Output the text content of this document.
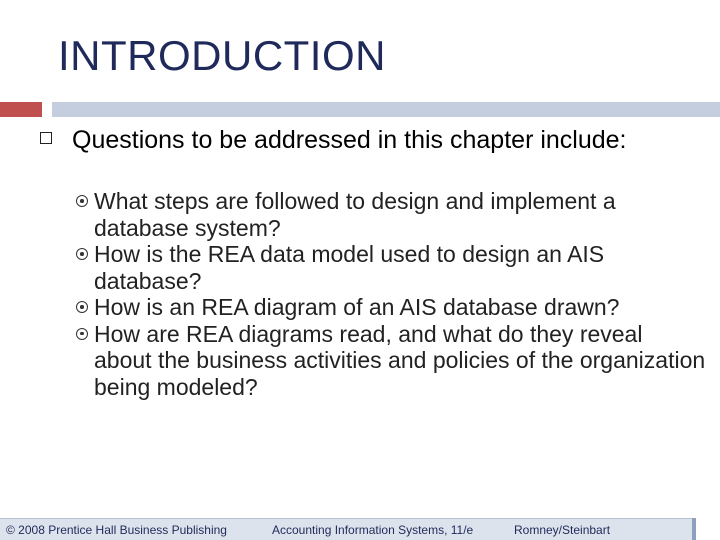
INTRODUCTION
Questions to be addressed in this chapter include:
What steps are followed to design and implement a database system?
How is the REA data model used to design an AIS database?
How is an REA diagram of an AIS database drawn?
How are REA diagrams read, and what do they reveal about the business activities and policies of the organization being modeled?
© 2008 Prentice Hall Business Publishing	Accounting Information Systems, 11/e	Romney/Steinbart
